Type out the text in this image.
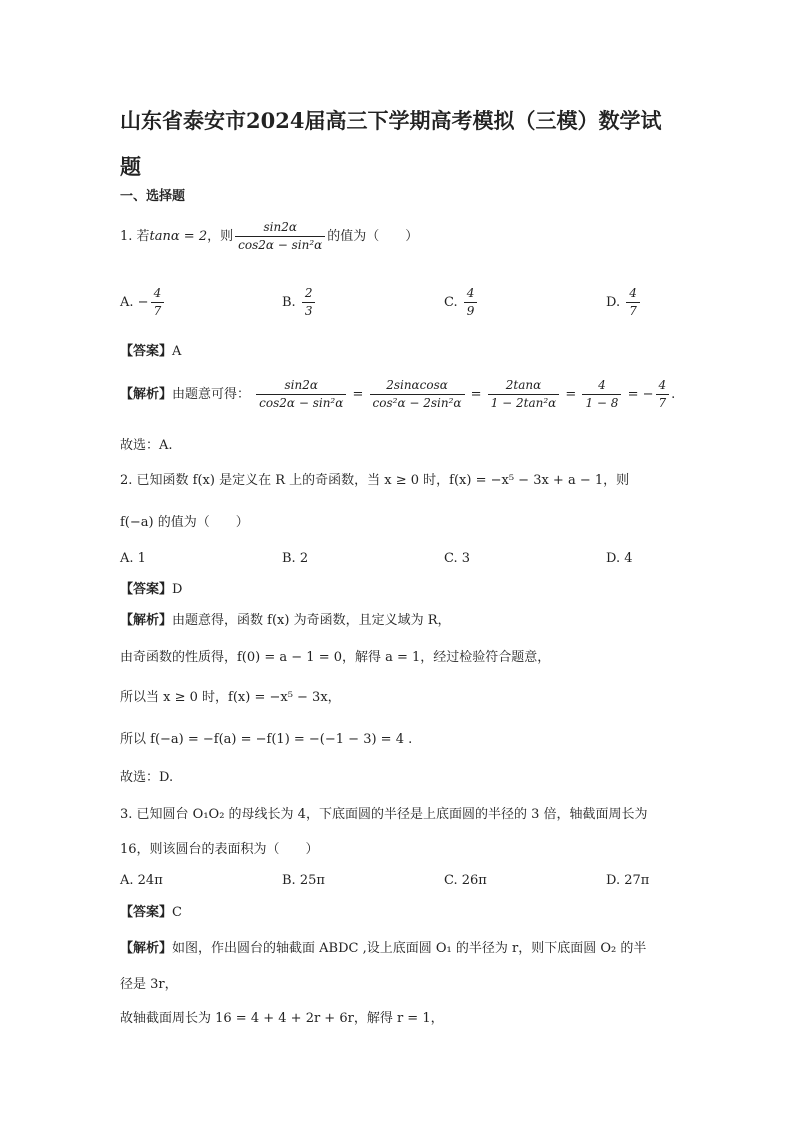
山东省泰安市2024届高三下学期高考模拟（三模）数学试题
一、选择题
1. 若tanα = 2，则 $\frac{\sin 2\alpha}{\text{cos2α − sin²α}}$ 的值为（　　）
A. − $\frac{4}{7}$	B. $\frac{2}{3}$	C. $\frac{4}{9}$	D. $\frac{4}{7}$
【答案】A
【解析】由题意可得： $\frac{\sin 2\alpha}{\text{cos2α − sin²α}} = \frac{2\sin\alpha\cos\alpha}{\text{cos²α − 2sin²α}} = \frac{2\tan\alpha}{\text{1 − 2tan²α}} = \frac{4}{1 - 8}$ = − $\frac{4}{7}$ .
故选：A.
2. 已知函数 f(x) 是定义在 R 上的奇函数，当 x ≥ 0 时，f(x) = −x⁵ − 3x + a − 1，则
f(−a) 的值为（　　）
A. 1	B. 2	C. 3	D. 4
【答案】D
【解析】由题意得，函数 f(x) 为奇函数，且定义域为 R，
由奇函数的性质得，f(0) = a − 1 = 0，解得 a = 1，经过检验符合题意，
所以当 x ≥ 0 时，f(x) = −x⁵ − 3x，
所以 f(−a) = −f(a) = −f(1) = −(−1 − 3) = 4 .
故选：D.
3. 已知圆台 O₁O₂ 的母线长为 4，下底面圆的半径是上底面圆的半径的 3 倍，轴截面周长为
16，则该圆台的表面积为（　　）
A. 24π	B. 25π	C. 26π	D. 27π
【答案】C
【解析】如图，作出圆台的轴截面 ABDC ,设上底面圆 O₁ 的半径为 r，则下底面圆 O₂ 的半
径是 3r，
故轴截面周长为 16 = 4 + 4 + 2r + 6r，解得 r = 1，
